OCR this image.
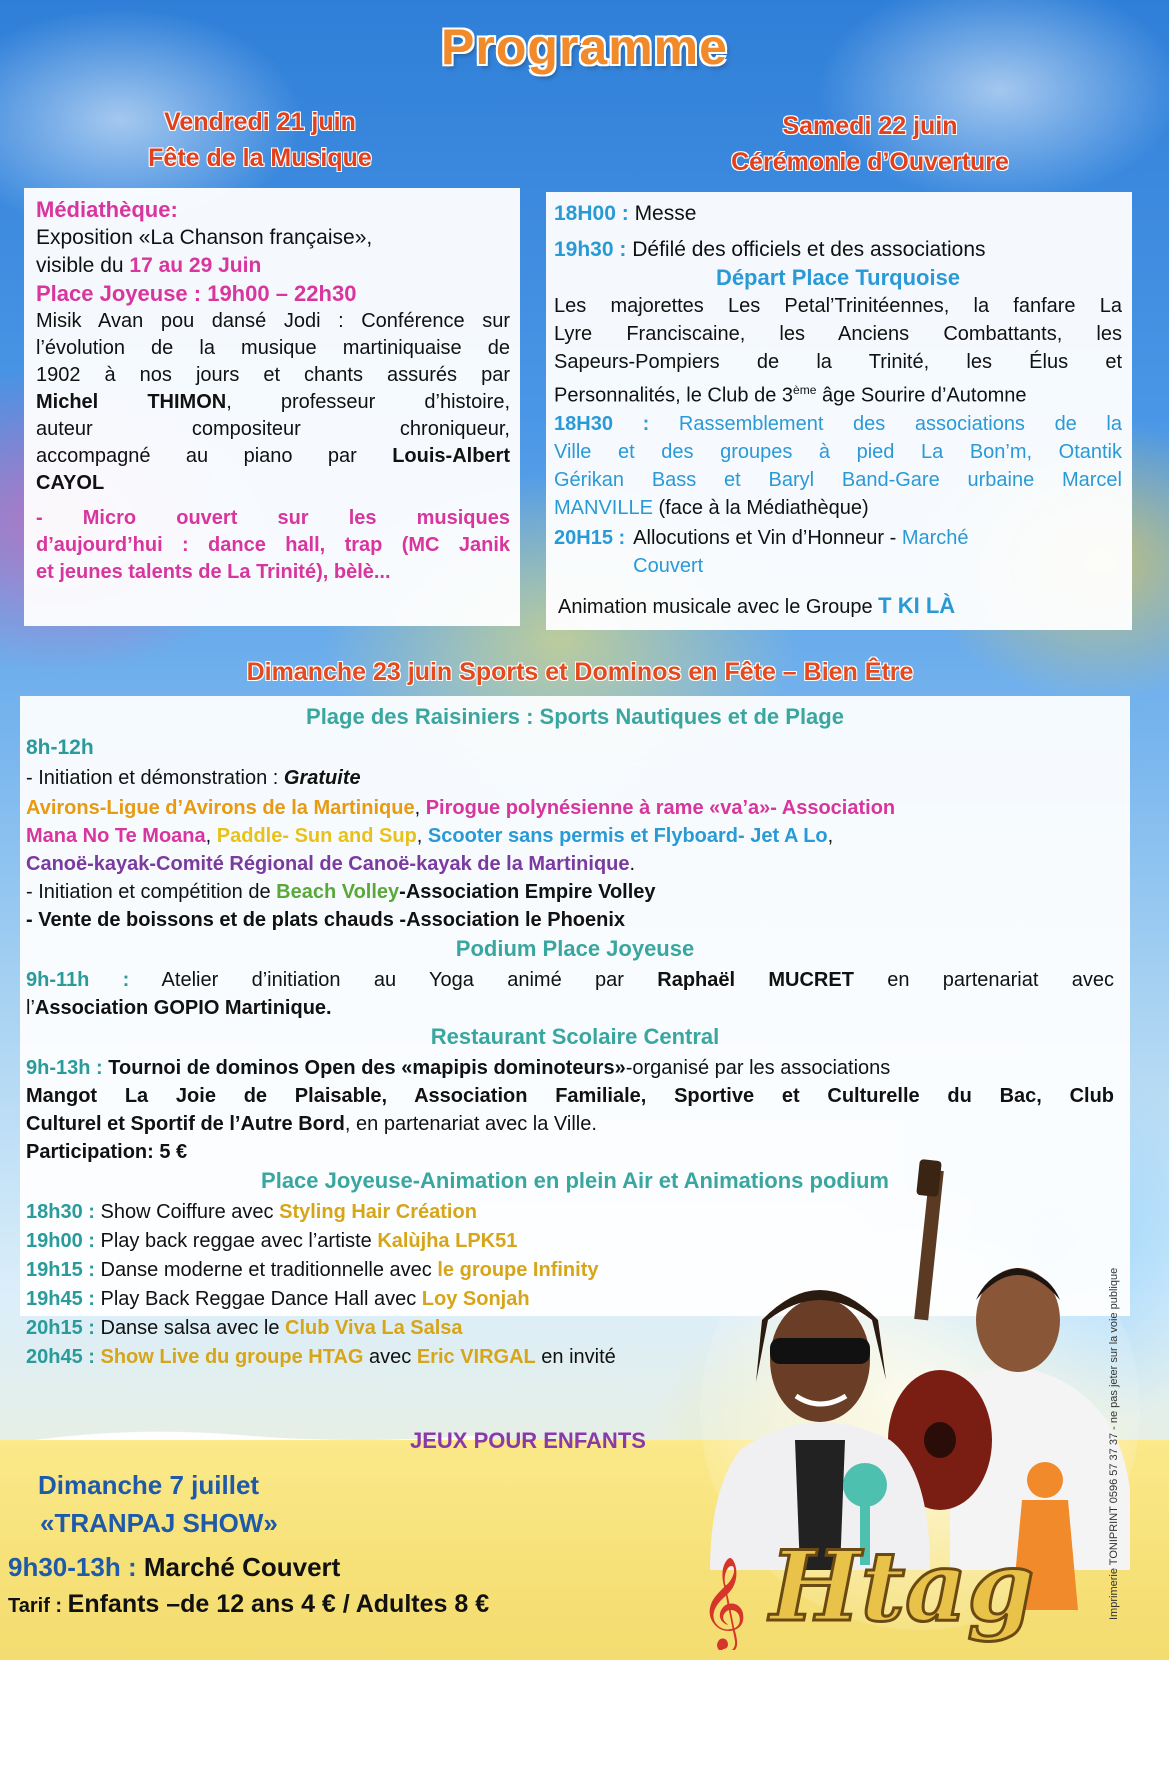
Programme
Vendredi 21 juin
Fête de la Musique
Samedi 22 juin
Cérémonie d’Ouverture

Médiathèque:

Exposition «La Chanson française»,

visible du 17 au 29 Juin

Place Joyeuse : 19h00 – 22h30

Misik Avan pou dansé Jodi : Conférence sur

l’évolution de la musique martiniquaise de

1902 à nos jours et chants assurés par

Michel THIMON, professeur d’histoire,

auteur compositeur chroniqueur,

accompagné au piano par Louis-Albert

CAYOL

- Micro ouvert sur les musiques

d’aujourd’hui : dance hall, trap (MC Janik

et jeunes talents de La Trinité), bèlè...

18H00 : Messe

19h30 : Défilé des officiels et des associations

Départ Place Turquoise

Les majorettes Les Petal’Trinitéennes, la fanfare La

Lyre Franciscaine, les Anciens Combattants, les

Sapeurs-Pompiers de la Trinité, les Élus et

Personnalités, le Club de 3ème âge Sourire d’Automne

18H30 : Rassemblement des associations de la

Ville et des groupes à pied La Bon’m, Otantik

Gérikan Bass et Baryl Band-Gare urbaine Marcel

MANVILLE (face à la Médiathèque)

20H15 : Allocutions et Vin d’Honneur - Marché
Couvert

Animation musicale avec le Groupe T KI LÀ

Dimanche 23 juin Sports et Dominos en Fête – Bien Être
Plage des Raisiniers : Sports Nautiques et de Plage
8h-12h
- Initiation et démonstration : Gratuite
Avirons-Ligue d’Avirons de la Martinique, Pirogue polynésienne à rame «va’a»- Association
Mana No Te Moana, Paddle- Sun and Sup, Scooter sans permis et Flyboard- Jet A Lo,
Canoë-kayak-Comité Régional de Canoë-kayak de la Martinique.
- Initiation et compétition de Beach Volley-Association Empire Volley
- Vente de boissons et de plats chauds -Association le Phoenix
Podium Place Joyeuse
9h-11h : Atelier d’initiation au Yoga animé par Raphaël MUCRET en partenariat avec
l’Association GOPIO Martinique.
Restaurant Scolaire Central
9h-13h : Tournoi de dominos Open des «mapipis dominoteurs»-organisé par les associations
Mangot La Joie de Plaisable, Association Familiale, Sportive et Culturelle du Bac, Club
Culturel et Sportif de l’Autre Bord, en partenariat avec la Ville.
Participation: 5 €
Place Joyeuse-Animation en plein Air et Animations podium
18h30 : Show Coiffure avec Styling Hair Création
19h00 : Play back reggae avec l’artiste Kalùjha LPK51
19h15 : Danse moderne et traditionnelle avec le groupe Infinity
19h45 : Play Back Reggae Dance Hall avec Loy Sonjah
20h15 : Danse salsa avec le Club Viva La Salsa
20h45 : Show Live du groupe HTAG avec Eric VIRGAL en invité
JEUX POUR ENFANTS
Dimanche 7 juillet
«TRANPAJ SHOW»
9h30-13h : Marché Couvert
Tarif : Enfants –de 12 ans 4 € / Adultes 8 €	𝄞 Htag	Imprimerie TONIPRINT 0596 57 37 37 - ne pas jeter sur la voie publique
